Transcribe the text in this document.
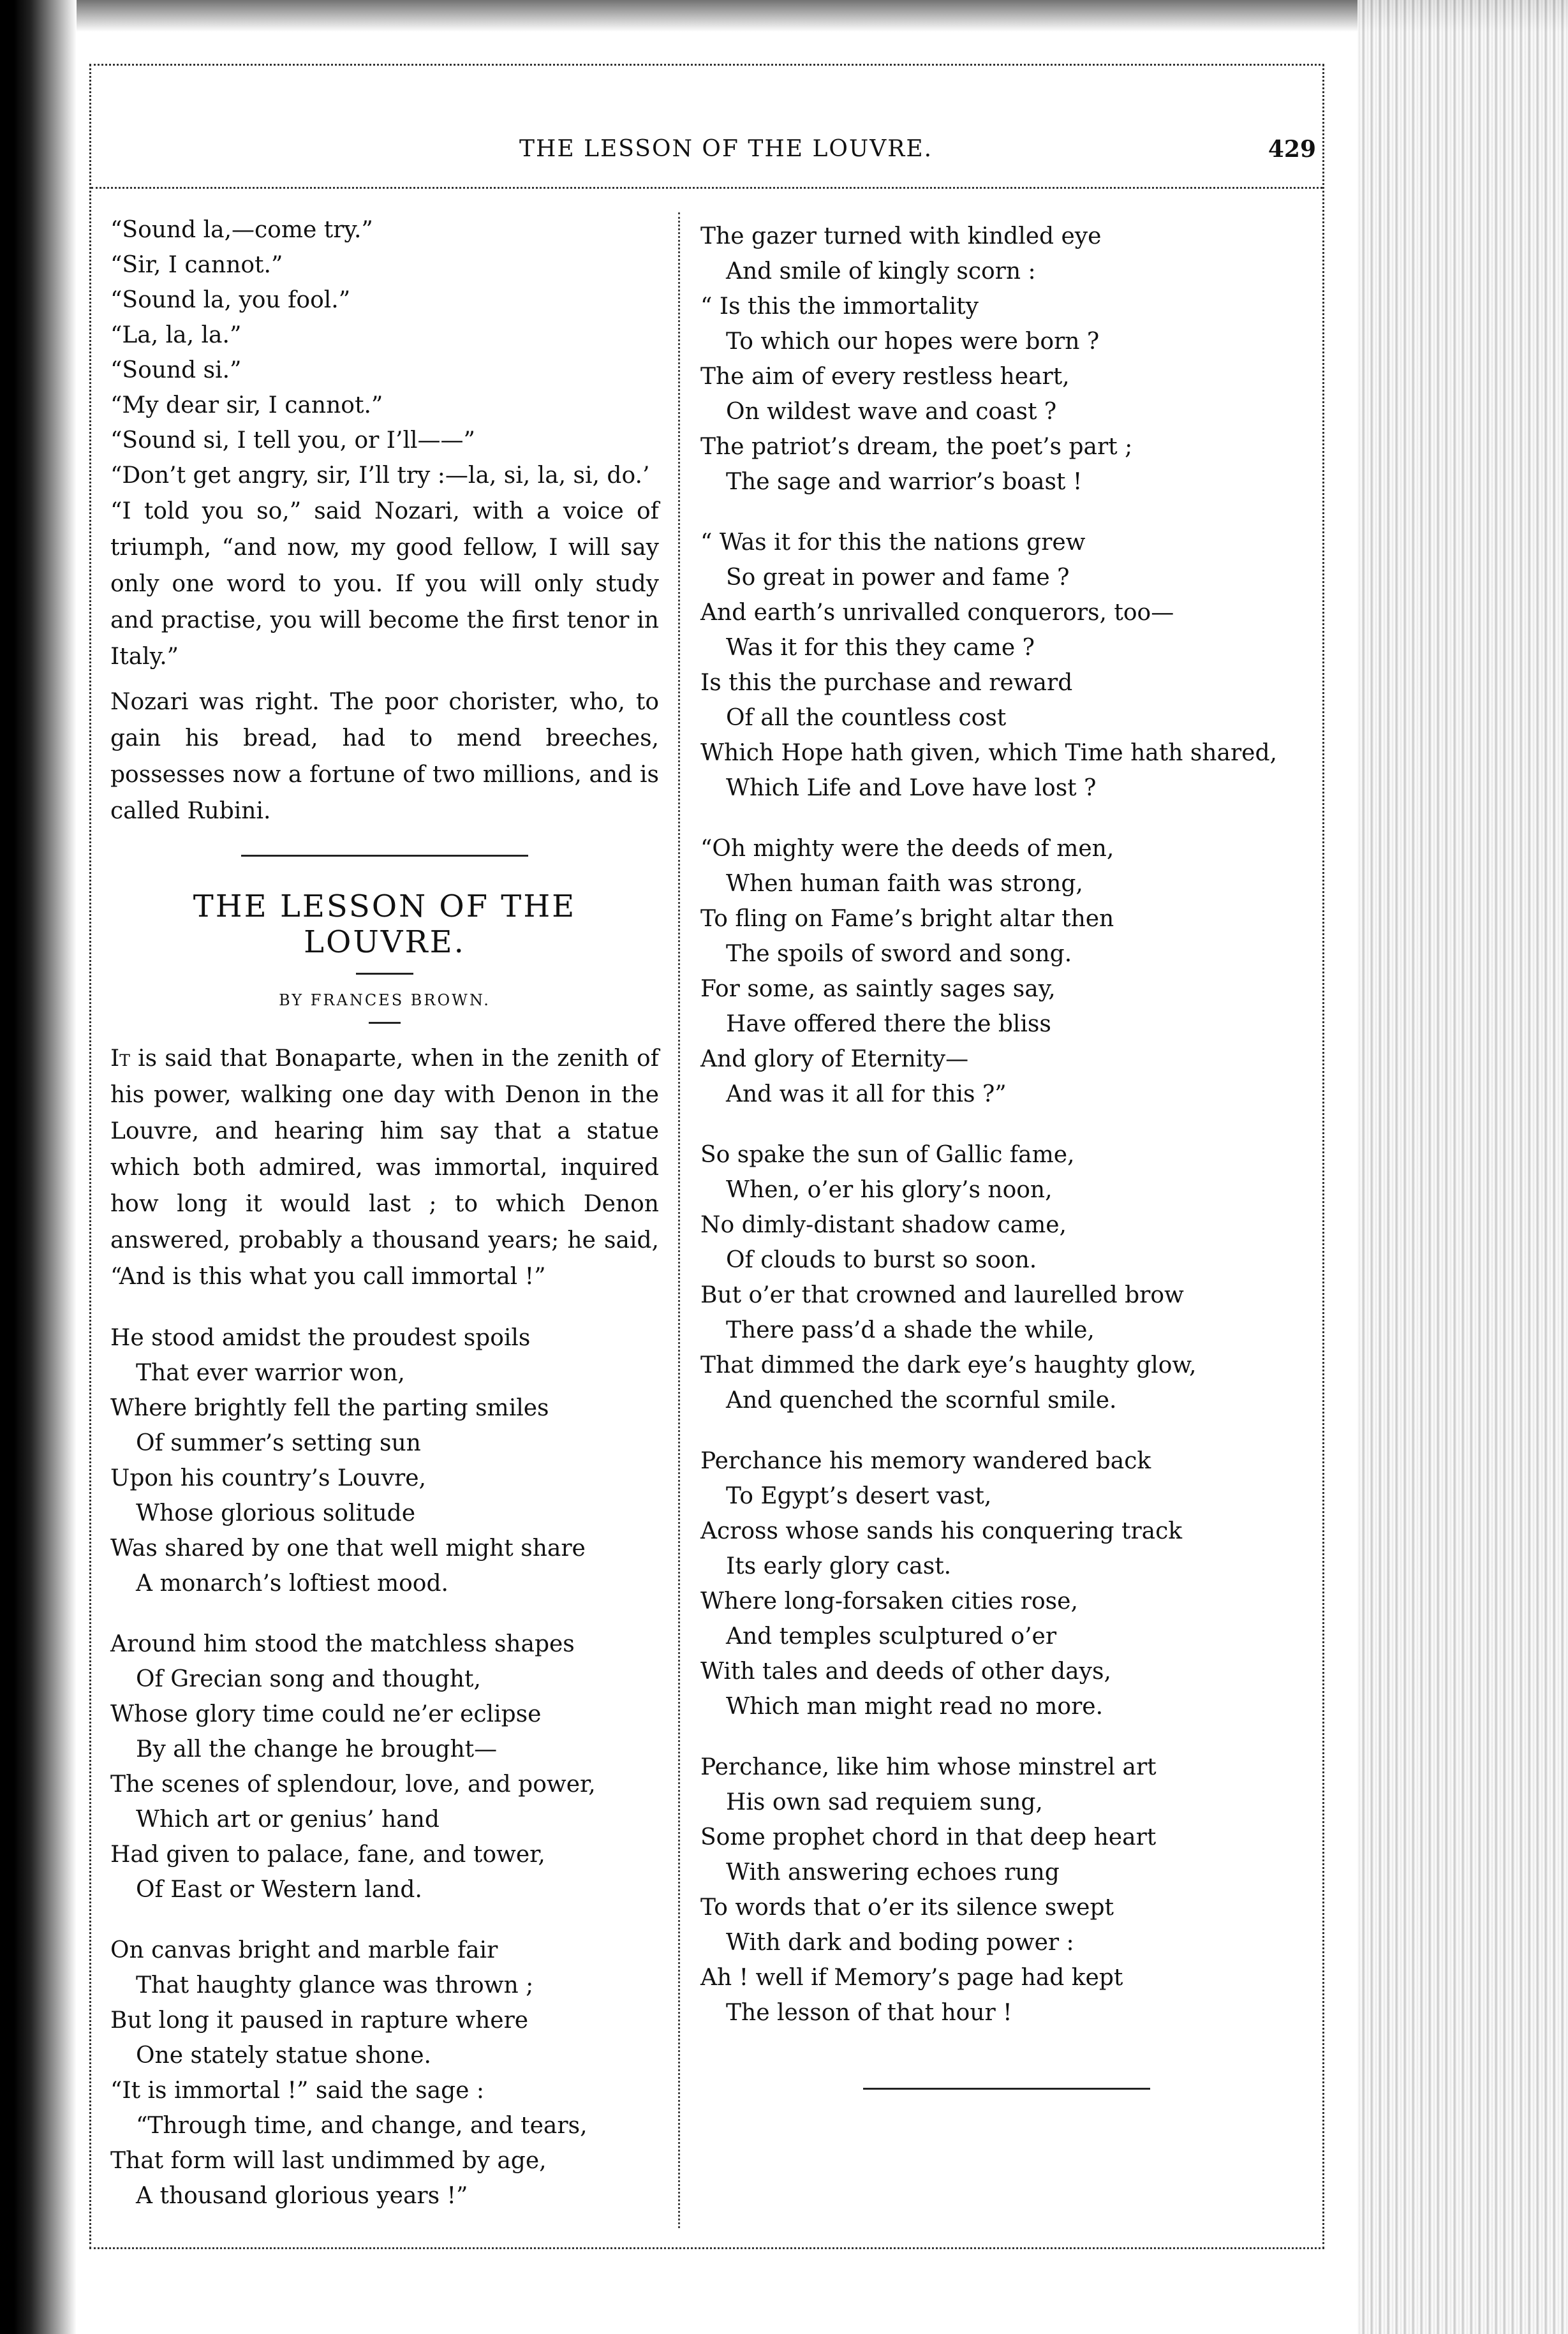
THE LESSON OF THE LOUVRE.	429
“Sound la,—come try.”
“Sir, I cannot.”
“Sound la, you fool.”
“La, la, la.”
“Sound si.”
“My dear sir, I cannot.”
“Sound si, I tell you, or I’ll——”
“Don’t get angry, sir, I’ll try :—la, si, la, si, do.’
“I told you so,” said Nozari, with a voice of triumph, “and now, my good fellow, I will say only one word to you. If you will only study and practise, you will become the first tenor in Italy.”
Nozari was right. The poor chorister, who, to gain his bread, had to mend breeches, possesses now a fortune of two millions, and is called Rubini.
THE LESSON OF THE LOUVRE.
BY FRANCES BROWN.
It is said that Bonaparte, when in the zenith of his power, walking one day with Denon in the Louvre, and hearing him say that a statue which both admired, was immortal, inquired how long it would last ; to which Denon answered, probably a thousand years; he said, “And is this what you call immortal !”
He stood amidst the proudest spoils
That ever warrior won,
Where brightly fell the parting smiles
Of summer’s setting sun
Upon his country’s Louvre,
Whose glorious solitude
Was shared by one that well might share
A monarch’s loftiest mood.
Around him stood the matchless shapes
Of Grecian song and thought,
Whose glory time could ne’er eclipse
By all the change he brought—
The scenes of splendour, love, and power,
Which art or genius’ hand
Had given to palace, fane, and tower,
Of East or Western land.
On canvas bright and marble fair
That haughty glance was thrown ;
But long it paused in rapture where
One stately statue shone.
“It is immortal !” said the sage :
“Through time, and change, and tears,
That form will last undimmed by age,
A thousand glorious years !”
The gazer turned with kindled eye
And smile of kingly scorn :
“ Is this the immortality
To which our hopes were born ?
The aim of every restless heart,
On wildest wave and coast ?
The patriot’s dream, the poet’s part ;
The sage and warrior’s boast !
“ Was it for this the nations grew
So great in power and fame ?
And earth’s unrivalled conquerors, too—
Was it for this they came ?
Is this the purchase and reward
Of all the countless cost
Which Hope hath given, which Time hath shared,
Which Life and Love have lost ?
“Oh mighty were the deeds of men,
When human faith was strong,
To fling on Fame’s bright altar then
The spoils of sword and song.
For some, as saintly sages say,
Have offered there the bliss
And glory of Eternity—
And was it all for this ?”
So spake the sun of Gallic fame,
When, o’er his glory’s noon,
No dimly-distant shadow came,
Of clouds to burst so soon.
But o’er that crowned and laurelled brow
There pass’d a shade the while,
That dimmed the dark eye’s haughty glow,
And quenched the scornful smile.
Perchance his memory wandered back
To Egypt’s desert vast,
Across whose sands his conquering track
Its early glory cast.
Where long-forsaken cities rose,
And temples sculptured o’er
With tales and deeds of other days,
Which man might read no more.
Perchance, like him whose minstrel art
His own sad requiem sung,
Some prophet chord in that deep heart
With answering echoes rung
To words that o’er its silence swept
With dark and boding power :
Ah ! well if Memory’s page had kept
The lesson of that hour !
